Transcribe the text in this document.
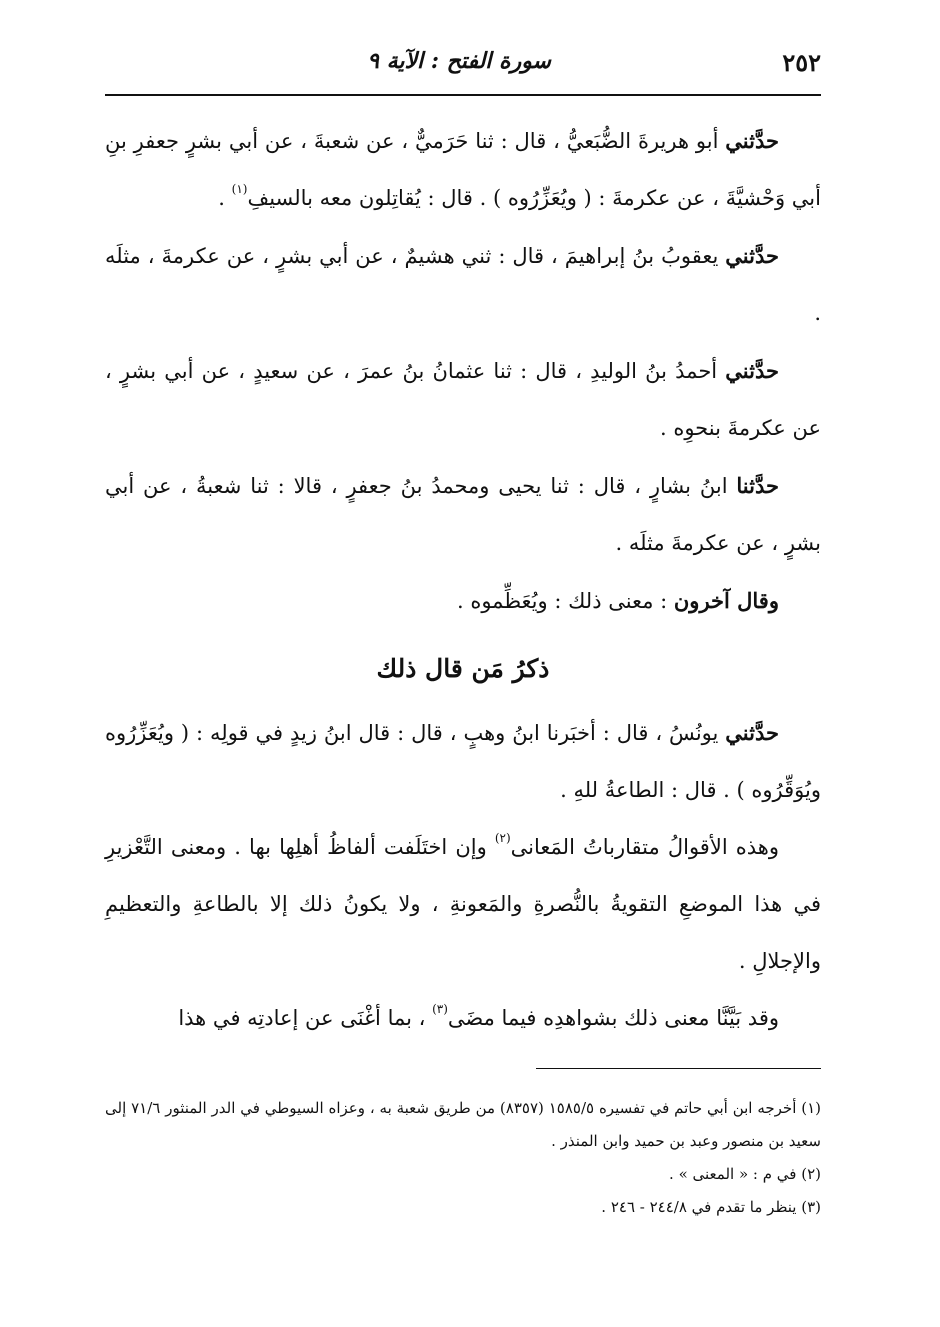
٢٥٢
سورة الفتح : الآية ٩

حدَّثني أبو هريرةَ الضُّبَعيُّ ، قال : ثنا حَرَميٌّ ، عن شعبةَ ، عن أبي بشرٍ جعفرِ بنِ أبي وَحْشيَّةَ ، عن عكرمةَ : ( ويُعَزِّرُوه ) . قال : يُقاتِلون معه بالسيفِ$^{(١)}$ .

حدَّثني يعقوبُ بنُ إبراهيمَ ، قال : ثني هشيمٌ ، عن أبي بشرٍ ، عن عكرمةَ ، مثلَه .

حدَّثني أحمدُ بنُ الوليدِ ، قال : ثنا عثمانُ بنُ عمرَ ، عن سعيدٍ ، عن أبي بشرٍ ، عن عكرمةَ بنحوِه .

حدَّثنا ابنُ بشارٍ ، قال : ثنا يحيى ومحمدُ بنُ جعفرٍ ، قالا : ثنا شعبةُ ، عن أبي بشرٍ ، عن عكرمةَ مثلَه .

وقال آخرون : معنى ذلك : ويُعَظِّموه .

ذكرُ مَن قال ذلك

حدَّثني يونُسُ ، قال : أخبَرنا ابنُ وهبٍ ، قال : قال ابنُ زيدٍ في قولِه : ( ويُعَزِّرُوه ويُوَقِّرُوه ) . قال : الطاعةُ للهِ .

وهذه الأقوالُ متقارباتُ المَعانى$^{(٢)}$ وإن اختَلَفت ألفاظُ أهلِها بها . ومعنى التَّعْزيرِ في هذا الموضعِ التقويةُ بالنُّصرةِ والمَعونةِ ، ولا يكونُ ذلك إلا بالطاعةِ والتعظيمِ والإجلالِ .

وقد بَيَّنَّا معنى ذلك بشواهدِه فيما مضَى$^{(٣)}$ ، بما أغْنَى عن إعادتِه في هذا

(١) أخرجه ابن أبي حاتم في تفسيره ١٥٨٥/٥ (٨٣٥٧) من طريق شعبة به ، وعزاه السيوطي في الدر المنثور ٧١/٦ إلى سعيد بن منصور وعبد بن حميد وابن المنذر .

(٢) في م : « المعنى » .

(٣) ينظر ما تقدم في ٢٤٤/٨ - ٢٤٦ .
